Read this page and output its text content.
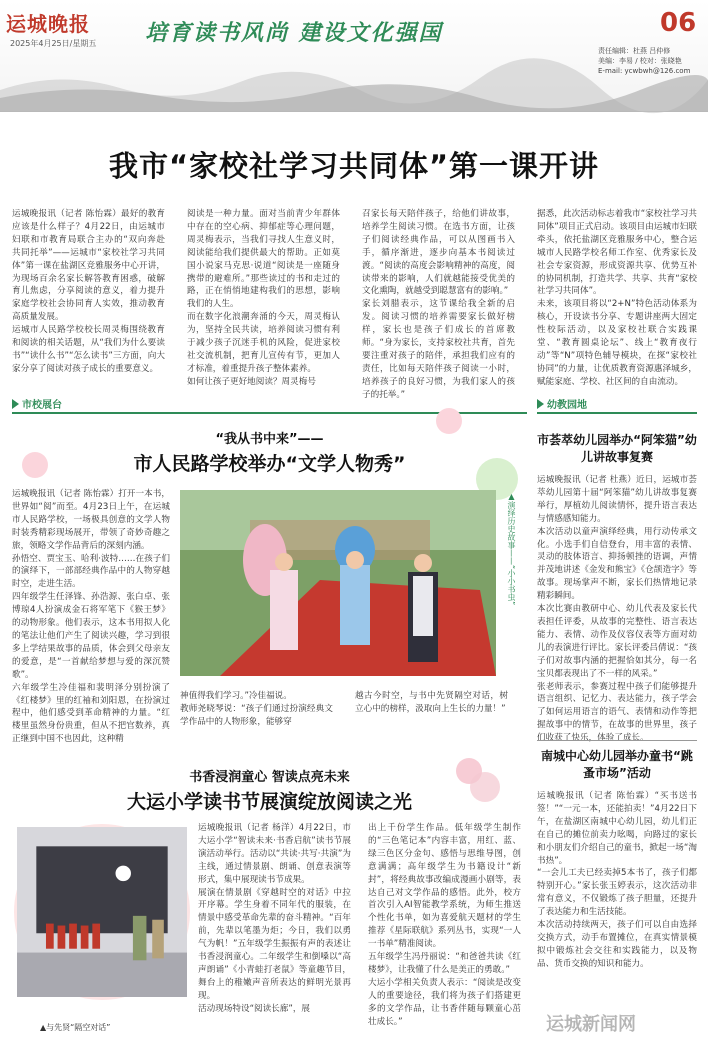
运城晚报
2025年4月25日/星期五 培育读书风尚 建设文化强国	06
责任编辑：杜燕 吕仲修
美编：李易 / 校对：张晓艳
E-mail: ycwbwh@126.com
我市“家校社学习共同体”第一课开讲
运城晚报讯（记者 陈怡霖）最好的教育应该是什么样子？4月22日，由运城市妇联和市教育局联合主办的“双向奔赴 共同托举”——运城市“家校社学习共同体”第一课在盐湖区竞雅服务中心开讲，为现场百余名家长解答教育困惑，破解育儿焦虑，分享阅读的意义，着力提升家庭学校社会协同育人实效，推动教育高质量发展。
运城市人民路学校校长周灵梅围绕教育和阅读的相关话题，从“我们为什么要读书”“读什么书”“怎么读书”三方面，向大家分享了阅读对孩子成长的重要意义。
阅读是一种力量。面对当前青少年群体中存在的空心病、抑郁症等心理问题，周灵梅表示，当我们寻找人生意义时，阅读能给我们提供最大的帮助。正如莫国小说家马克思·说道“阅读是一座随身携带的避难所。”那些读过的书和走过的路，正在悄悄地建构我们的思想，影响我们的人生。
而在数字化浪潮奔涌的今天，周灵梅认为，坚持全民共读，培养阅读习惯有利于减少孩子沉迷手机的风险，促进家校社交流机制，把育儿宣传有节，更加人才标准，着重提升孩子整体素养。
如何让孩子更好地阅读？周灵梅号
召家长每天陪伴孩子，给他们讲故事，培养学生阅读习惯。在选书方面，让孩子们阅读经典作品，可以从图画书入手，循序渐进，逐步向基本书阅读过渡。“阅读的高度会影响精神的高度，阅读带来的影响，人们就越能接受优美的文化熏陶，就越受到聪慧富有的影响。”
家长刘腊表示，这节课给我全新的启发。阅读习惯的培养需要家长做好榜样，家长也是孩子们成长的首席教师。“身为家长，支持家校社共育，首先要注重对孩子的陪伴，承担我们应有的责任，比如每天陪伴孩子阅读一小时，培养孩子的良好习惯，为我们家人的孩子的托举。”
据悉，此次活动标志着我市“家校社学习共同体”项目正式启动。该项目由运城市妇联牵头，依托盐湖区竞雅服务中心，整合运城市人民路学校名师工作室、优秀家长及社会专家资源，形成资源共享、优势互补的协同机制，打造共学、共享、共育“家校社学习共同体”。
未来，该项目将以“2+N”特色活动体系为核心，开设读书分享、专题讲座两大固定性校际活动，以及家校社联合实践课堂、“教育圆桌论坛”、线上“教育夜行动”等“N”项特色辅导模块，在探“家校社协同”的力量，让优质教育资源惠泽城乡，赋能家庭、学校、社区间的自由流动。
市校展台	幼教园地
“我从书中来”——
市人民路学校举办“文学人物秀”
运城晚报讯（记者 陈怡霖）打开一本书，世界如“阅”而至。4月23日上午，在运城市人民路学校，一场极具创意的文学人物时装秀精彩现场展开，带领了奇妙奇趣之旅，领略文学作品背后的深刻内涵。
孙悟空、贾宝玉、哈利·波特……在孩子们的演绎下，一部部经典作品中的人物穿越时空，走进生活。
四年级学生任泽锋、孙浩源、张白卓、张博琼4人扮演成金石将军笔下《猴王梦》的动物形象。他们表示，这本书用拟人化的笔法让他们产生了阅读兴趣，学习到很多上学结果故事的品质，体会到父母亲友的爱意，是“一首献给梦想与爱的深沉赞歌”。
六年级学生冷佳福和裴明泽分别扮演了《红楼梦》里的红袖和刘阳恩，在扮演过程中，他们感受到革命精神的力量。“红楼里虽然身份贵重，但从不把官数养，真正继到中国不也因此，这种精
▲演绎历史故事——“小小书虫”
神值得我们学习。”冷佳福说。
教师尧晓琴说：“孩子们通过扮演经典文学作品中的人物形象，能够穿
越古今时空，与书中先贤隔空对话，树立心中的榜样，汲取向上生长的力量！”
市荟萃幼儿园举办“阿笨猫”幼儿讲故事复赛
运城晚报讯（记者 杜燕）近日，运城市荟萃幼儿园第十届“阿笨猫”幼儿讲故事复赛举行，厚植幼儿阅读情怀，提升语言表达与情感感知能力。
本次活动以童声演绎经典，用行动传承文化。小选手们自信登台，用丰富的表情、灵动的肢体语言、抑扬顿挫的语调，声情并茂地讲述《金发和熊宝》《仓颉造字》等故事。现场掌声不断，家长们热情地记录精彩瞬间。
本次比赛由教研中心、幼儿代表及家长代表担任评委，从故事的完整性、语言表达能力、表情、动作及仪容仪表等方面对幼儿的表演进行评比。家长评委吕倩说：“孩子们对故事内涵的把握恰如其分，每一名宝贝都表现出了不一样的风采。”
张老师表示，参赛过程中孩子们能够提升语言组织、记忆力、表达能力，孩子学会了如何运用语言的语气、表情和动作等把握故事中的情节，在故事的世界里，孩子们收获了快乐，体验了成长。
南城中心幼儿园举办童书“跳蚤市场”活动
运城晚报讯（记者 陈怡霖）“买书送书签！”“一元一本，还能拍卖！”4月22日下午，在盐湖区南城中心幼儿园，幼儿们正在自己的摊位前卖力吆喝，向路过的家长和小朋友们介绍自己的童书，掀起一场“淘书热”。
“一会儿工夫已经卖掉5本书了，孩子们都特别开心。”家长张玉婷表示，这次活动非常有意义，不仅锻炼了孩子胆量，还提升了表达能力和生活技能。
本次活动持续两天，孩子们可以自由选择交换方式，动手布置摊位，在真实情景模拟中锻炼社会交往和实践能力，以及物品、货币交换的知识和能力。
书香浸润童心 智读点亮未来
大运小学读书节展演绽放阅读之光
▲与先贤“隔空对话”
运城晚报讯（记者 杨洋）4月22日，市大运小学“智读未来·书香启航”读书节展演活动举行。活动以“共读·共写·共演”为主线，通过情景剧、朗诵、创意表演等形式，集中展现读书节成果。
展演在情景剧《穿越时空的对话》中拉开序幕。学生身着不同年代的服装，在情景中感受革命先辈的奋斗精神。“百年前，先辈以笔墨为炬；今日，我们以勇气为帆！”五年级学生振振有声的表述让书香浸润童心。二年级学生和倒嗓以“高声朗诵”《小青蛙打老鼠》等童趣节目，舞台上的稚嫩声音所表达的鲜明光景再现。
活动现场特设“阅读长廊”，展
出上千份学生作品。低年级学生制作的“三色笔记本”内容丰富，用红、蓝、绿三色区分金句、感悟与思维导图，创意满满；高年级学生为书籍设计“新封”，将经典故事改编成漫画小剧等，表达自己对文学作品的感悟。此外，校方首次引入AI智能教学系统，为师生推送个性化书单，如为喜爱航天题材的学生推荐《星际联航》系列丛书，实现“一人一书单”精准阅读。
五年级学生冯丹丽说：“和爸爸共读《红楼梦》，让我懂了什么是美正的勇敢。”
大运小学相关负责人表示：“阅读是改变人的重要途径，我们将为孩子们搭建更多的文学作品，让书香伴随每颗童心茁壮成长。”	运城新闻网
